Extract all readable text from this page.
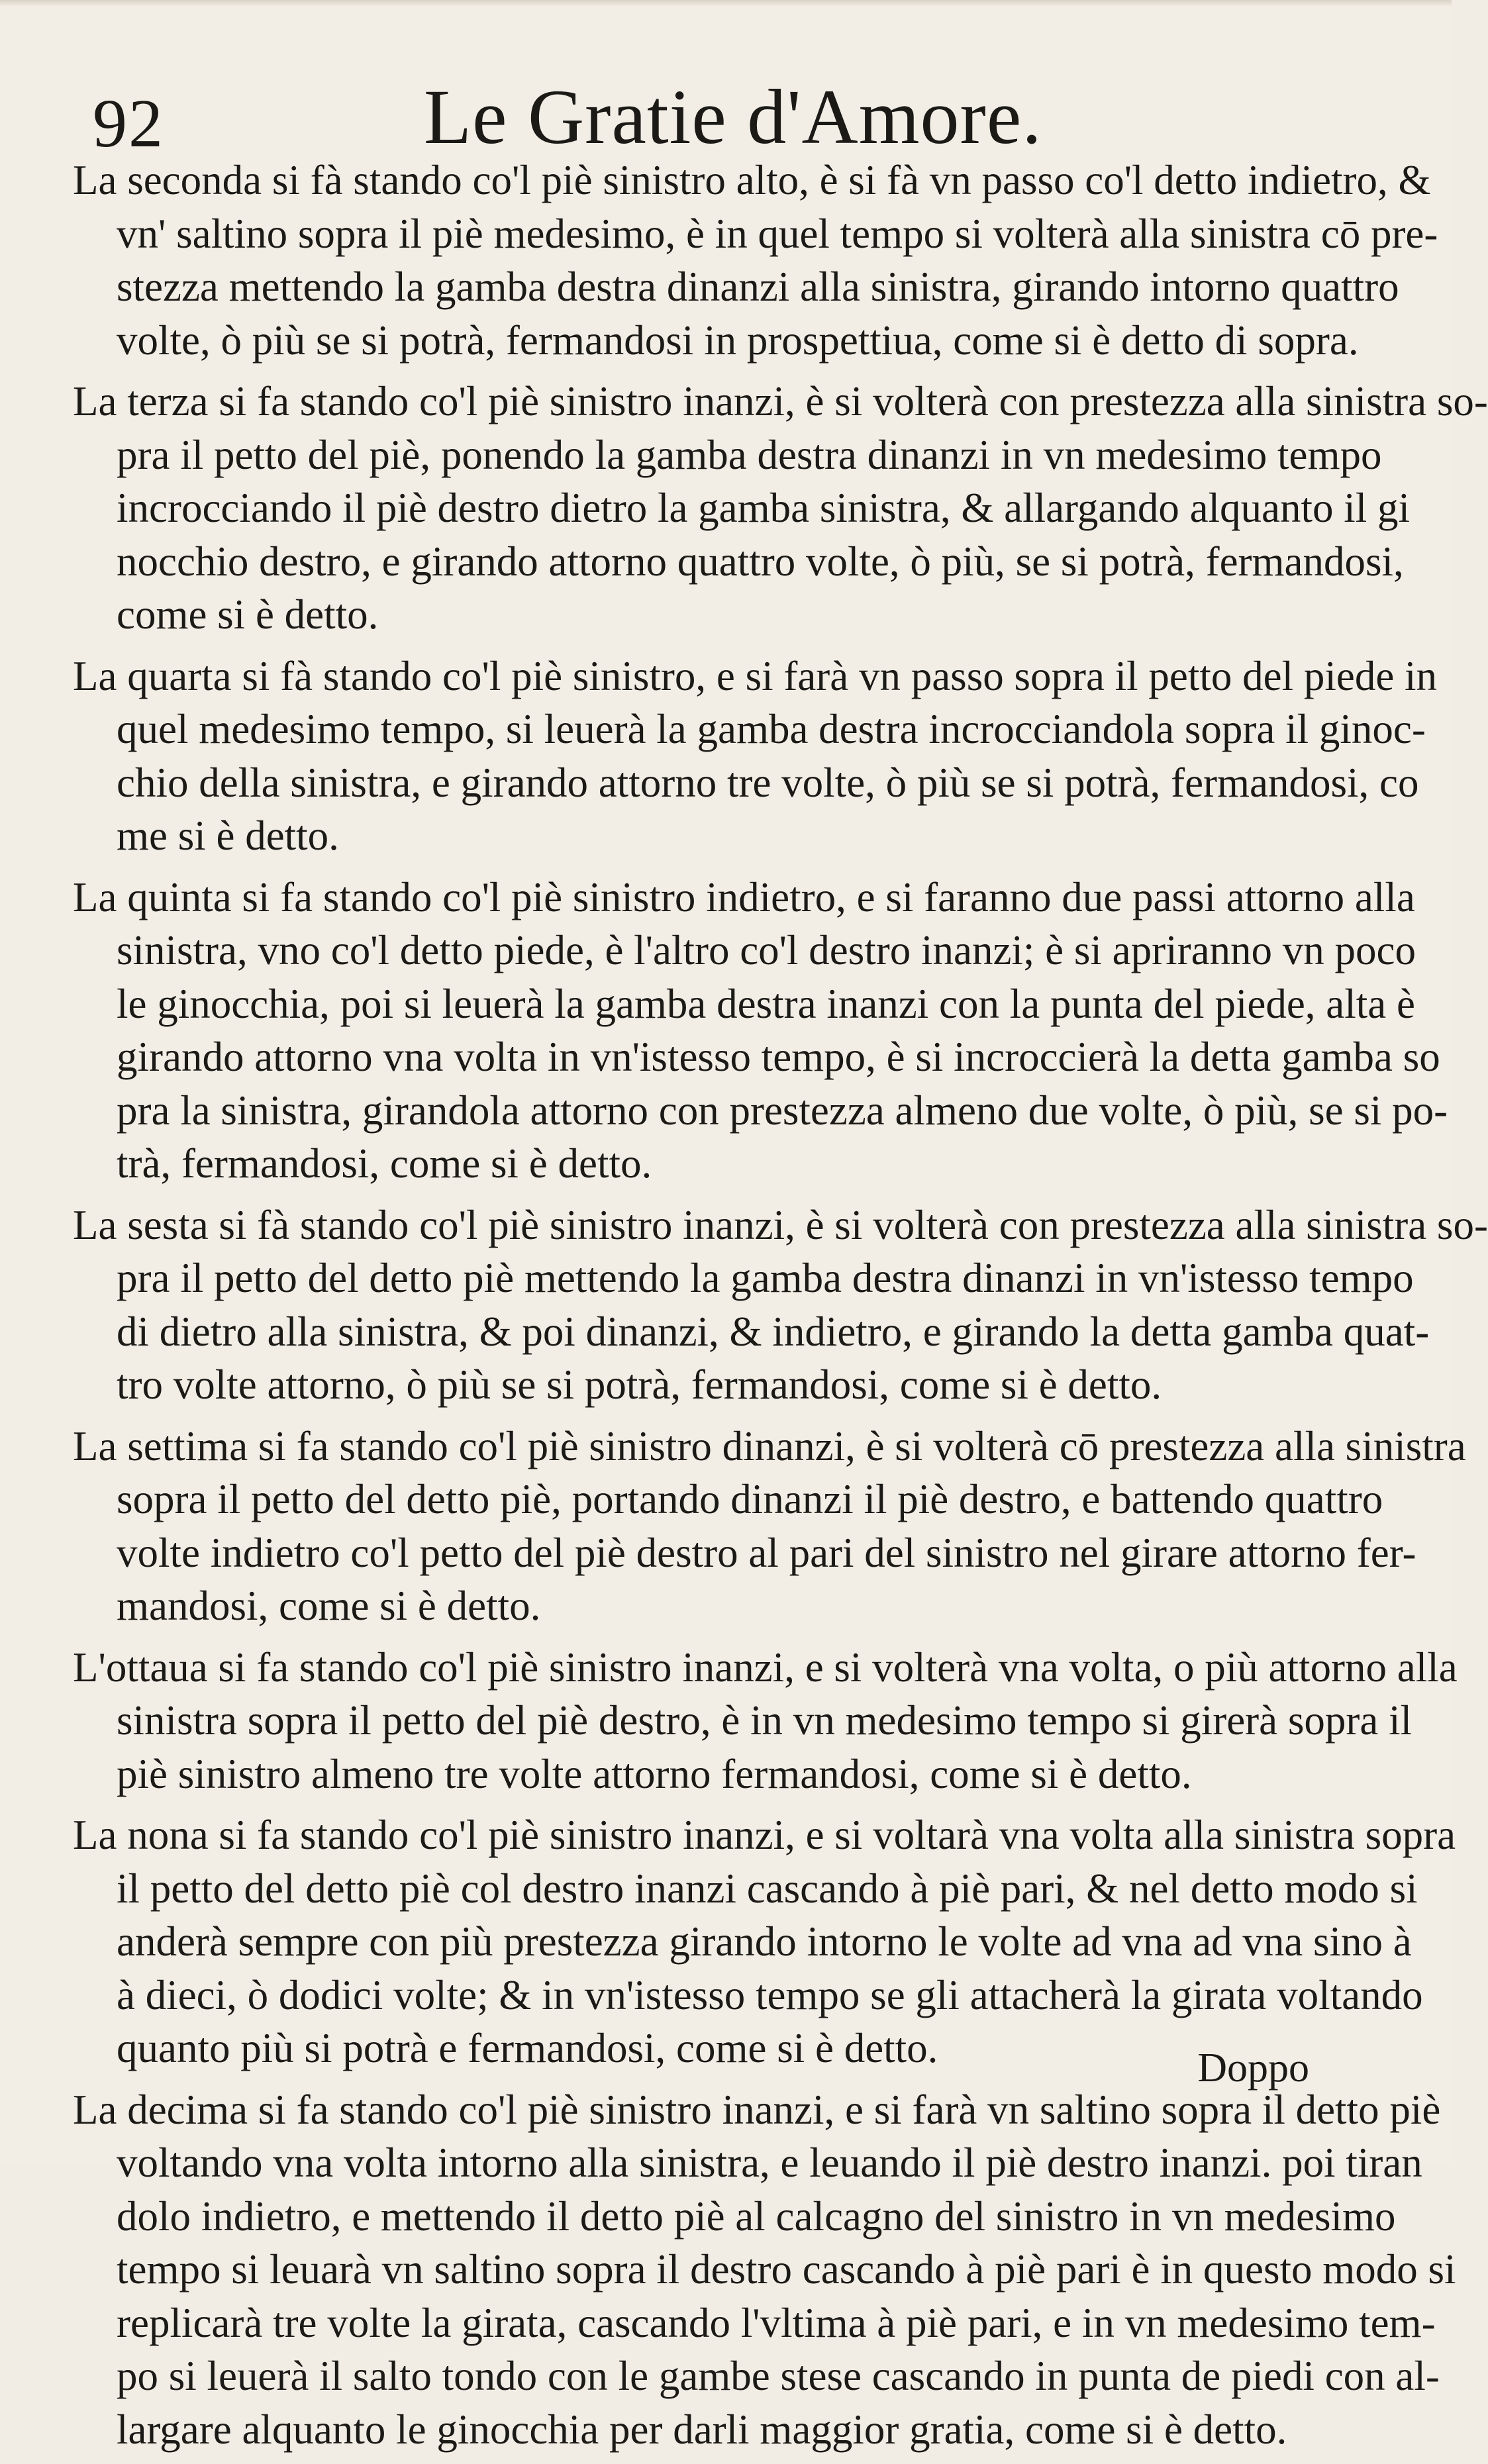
92	Le Gratie d'Amore.
La seconda si fà stando co'l piè sinistro alto, è si fà vn passo co'l detto indietro, &
vn' saltino sopra il piè medesimo, è in quel tempo si volterà alla sinistra cō pre-
stezza mettendo la gamba destra dinanzi alla sinistra, girando intorno quattro
volte, ò più se si potrà, fermandosi in prospettiua, come si è detto di sopra.
La terza si fa stando co'l piè sinistro inanzi, è si volterà con prestezza alla sinistra so-
pra il petto del piè, ponendo la gamba destra dinanzi in vn medesimo tempo
incrocciando il piè destro dietro la gamba sinistra, & allargando alquanto il gi
nocchio destro, e girando attorno quattro volte, ò più, se si potrà, fermandosi,
come si è detto.
La quarta si fà stando co'l piè sinistro, e si farà vn passo sopra il petto del piede in
quel medesimo tempo, si leuerà la gamba destra incrocciandola sopra il ginoc-
chio della sinistra, e girando attorno tre volte, ò più se si potrà, fermandosi, co
me si è detto.
La quinta si fa stando co'l piè sinistro indietro, e si faranno due passi attorno alla
sinistra, vno co'l detto piede, è l'altro co'l destro inanzi; è si apriranno vn poco
le ginocchia, poi si leuerà la gamba destra inanzi con la punta del piede, alta è
girando attorno vna volta in vn'istesso tempo, è si incroccierà la detta gamba so
pra la sinistra, girandola attorno con prestezza almeno due volte, ò più, se si po-
trà, fermandosi, come si è detto.
La sesta si fà stando co'l piè sinistro inanzi, è si volterà con prestezza alla sinistra so-
pra il petto del detto piè mettendo la gamba destra dinanzi in vn'istesso tempo
di dietro alla sinistra, & poi dinanzi, & indietro, e girando la detta gamba quat-
tro volte attorno, ò più se si potrà, fermandosi, come si è detto.
La settima si fa stando co'l piè sinistro dinanzi, è si volterà cō prestezza alla sinistra
sopra il petto del detto piè, portando dinanzi il piè destro, e battendo quattro
volte indietro co'l petto del piè destro al pari del sinistro nel girare attorno fer-
mandosi, come si è detto.
L'ottaua si fa stando co'l piè sinistro inanzi, e si volterà vna volta, o più attorno alla
sinistra sopra il petto del piè destro, è in vn medesimo tempo si girerà sopra il
piè sinistro almeno tre volte attorno fermandosi, come si è detto.
La nona si fa stando co'l piè sinistro inanzi, e si voltarà vna volta alla sinistra sopra
il petto del detto piè col destro inanzi cascando à piè pari, & nel detto modo si
anderà sempre con più prestezza girando intorno le volte ad vna ad vna sino à
à dieci, ò dodici volte; & in vn'istesso tempo se gli attacherà la girata voltando
quanto più si potrà e fermandosi, come si è detto.
La decima si fa stando co'l piè sinistro inanzi, e si farà vn saltino sopra il detto piè
voltando vna volta intorno alla sinistra, e leuando il piè destro inanzi. poi tiran
dolo indietro, e mettendo il detto piè al calcagno del sinistro in vn medesimo
tempo si leuarà vn saltino sopra il destro cascando à piè pari è in questo modo si
replicarà tre volte la girata, cascando l'vltima à piè pari, e in vn medesimo tem-
po si leuerà il salto tondo con le gambe stese cascando in punta de piedi con al-
largare alquanto le ginocchia per darli maggior gratia, come si è detto.
Doppo
